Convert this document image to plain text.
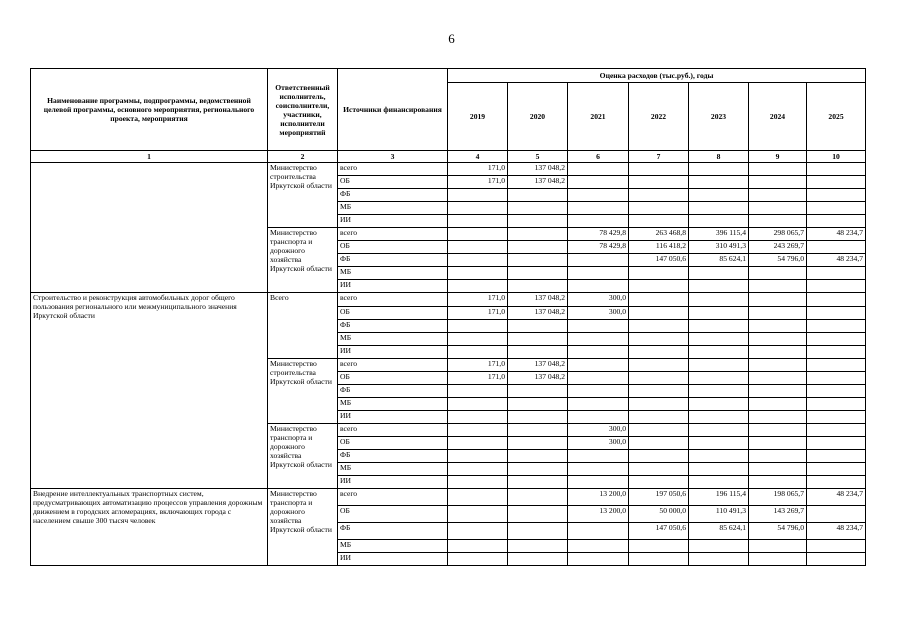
6
Наименование программы, подпрограммы, ведомственной целевой программы, основного мероприятия, регионального проекта, мероприятия	Ответственный исполнитель, соисполнители, участники, исполнители мероприятий	Источники финансирования	Оценка расходов (тыс.руб.), годы						
			2019	2020	2021	2022	2023	2024	2025
1	2	3	4	5	6	7	8	9	10
	Министерство строительства Иркутской области	всего	171,0	137 048,2					
		ОБ	171,0	137 048,2					
		ФБ							
		МБ							
		ИИ							
	Министерство транспорта и дорожного хозяйства Иркутской области	всего			78 429,8	263 468,8	396 115,4	298 065,7	48 234,7
		ОБ			78 429,8	116 418,2	310 491,3	243 269,7	
		ФБ				147 050,6	85 624,1	54 796,0	48 234,7
		МБ							
		ИИ							
Строительство и реконструкция автомобильных дорог общего пользования регионального или межмуниципального значения Иркутской области	Всего	всего	171,0	137 048,2	300,0				
		ОБ	171,0	137 048,2	300,0				
		ФБ							
		МБ							
		ИИ							
	Министерство строительства Иркутской области	всего	171,0	137 048,2					
		ОБ	171,0	137 048,2					
		ФБ							
		МБ							
		ИИ							
	Министерство транспорта и дорожного хозяйства Иркутской области	всего			300,0				
		ОБ			300,0				
		ФБ							
		МБ							
		ИИ							
Внедрение интеллектуальных транспортных систем, предусматривающих автоматизацию процессов управления дорожным движением в городских агломерациях, включающих города с населением свыше 300 тысяч человек	Министерство транспорта и дорожного хозяйства Иркутской области	всего			13 200,0	197 050,6	196 115,4	198 065,7	48 234,7
		ОБ			13 200,0	50 000,0	110 491,3	143 269,7	
		ФБ				147 050,6	85 624,1	54 796,0	48 234,7
		МБ							
		ИИ							
